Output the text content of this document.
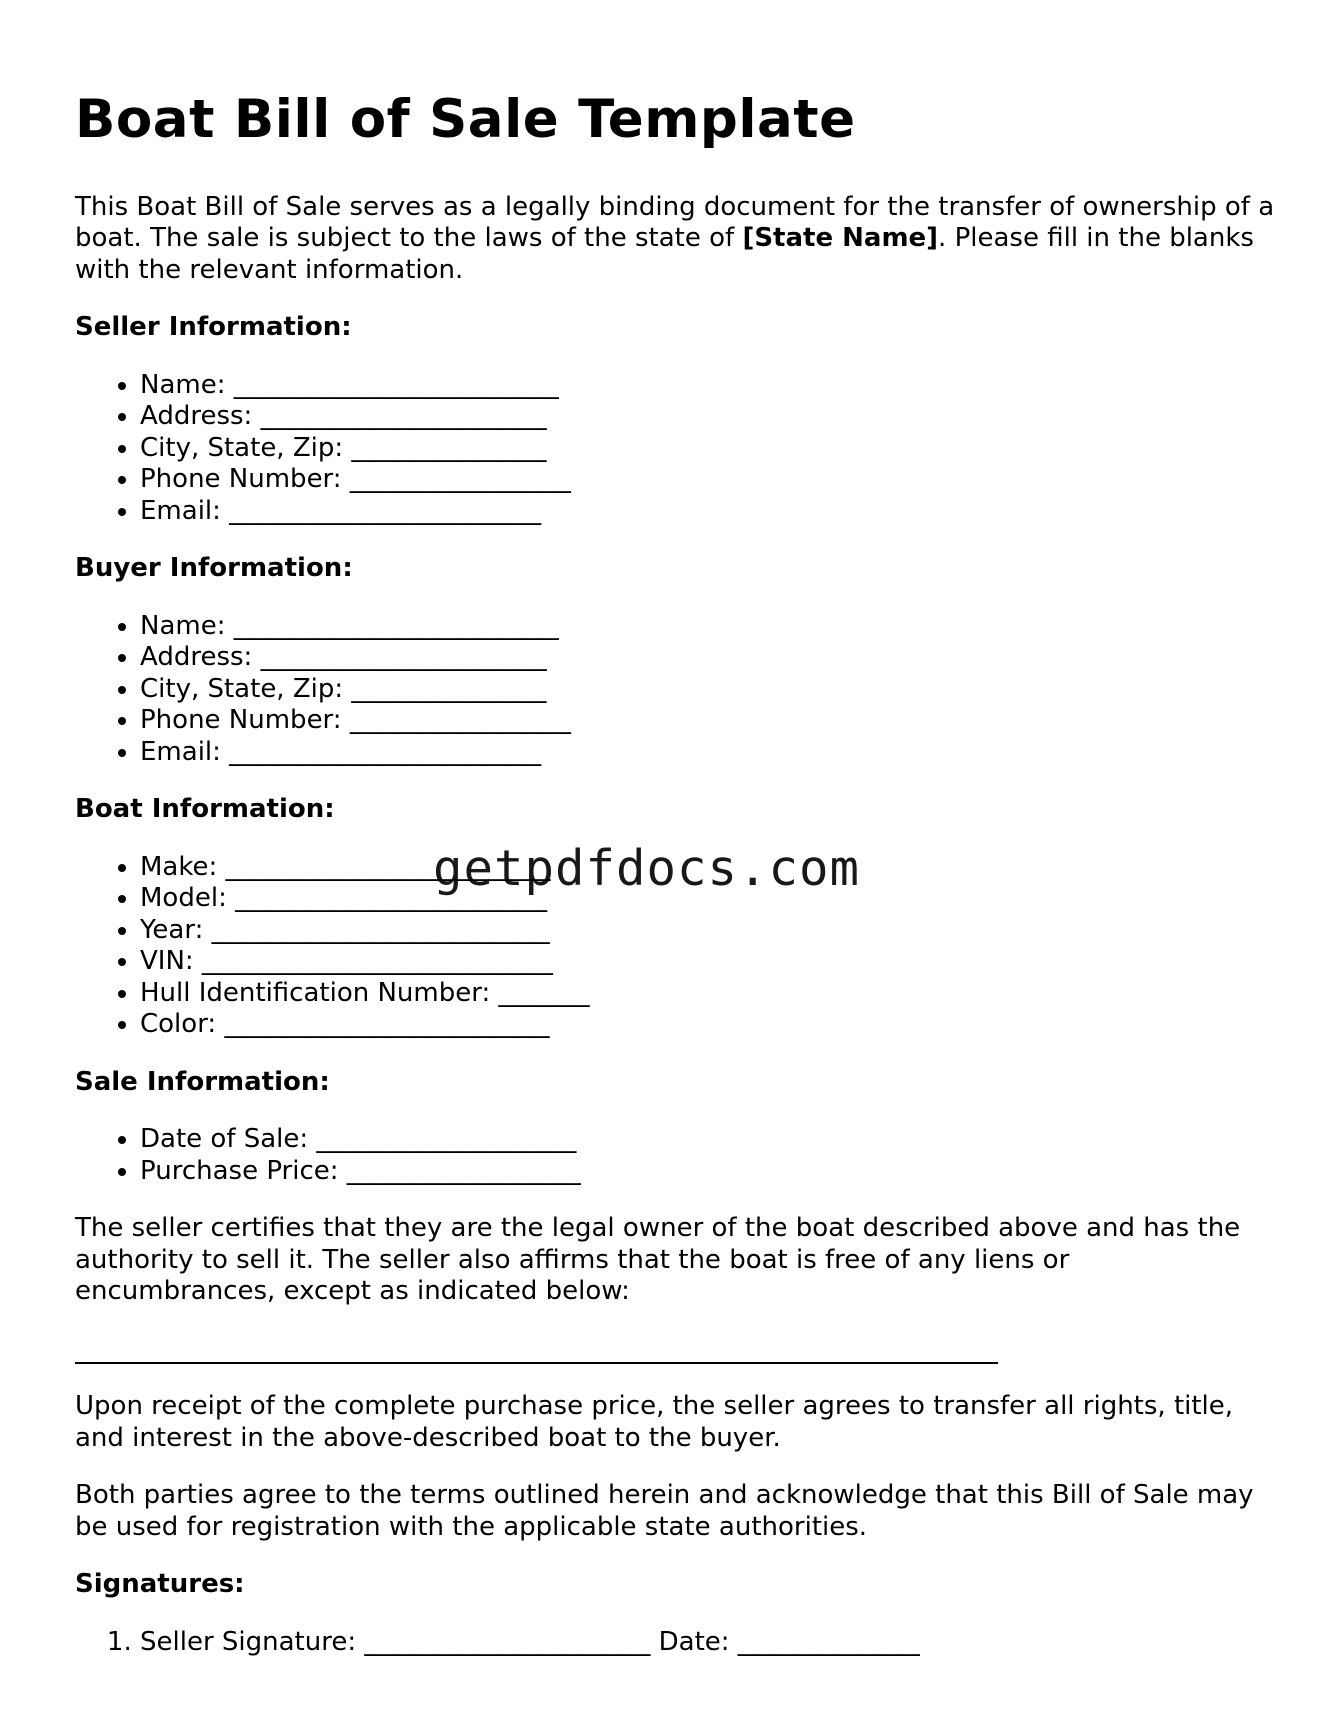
Boat Bill of Sale Template

This Boat Bill of Sale serves as a legally binding document for the transfer of ownership of a boat. The sale is subject to the laws of the state of [State Name]. Please fill in the blanks with the relevant information.

Seller Information:
• Name: _________________________
• Address: ______________________
• City, State, Zip: _______________
• Phone Number: _________________
• Email: ________________________
Buyer Information:
• Name: _________________________
• Address: ______________________
• City, State, Zip: _______________
• Phone Number: _________________
• Email: ________________________
Boat Information:
• Make: _________________________
• Model: ________________________
• Year: __________________________
• VIN: ___________________________
• Hull Identification Number: _______
• Color: _________________________
Sale Information:
• Date of Sale: ____________________
• Purchase Price: __________________

The seller certifies that they are the legal owner of the boat described above and has the authority to sell it. The seller also affirms that the boat is free of any liens or encumbrances, except as indicated below:

Upon receipt of the complete purchase price, the seller agrees to transfer all rights, title, and interest in the above-described boat to the buyer.

Both parties agree to the terms outlined herein and acknowledge that this Bill of Sale may be used for registration with the applicable state authorities.

Signatures:
1. Seller Signature: ______________________ Date: ______________
getpdfdocs.com
